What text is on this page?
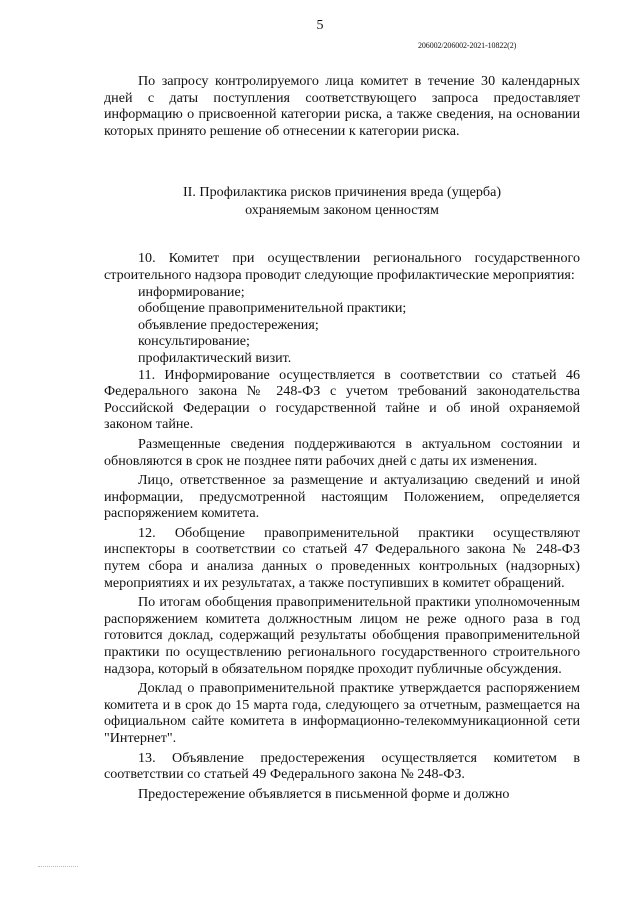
5
206002/206002-2021-10822(2)

По запросу контролируемого лица комитет в течение 30 календарных дней с даты поступления соответствующего запроса предоставляет информацию о присвоенной категории риска, а также сведения, на основании которых принято решение об отнесении к категории риска.

II. Профилактика рисков причинения вреда (ущерба)
охраняемым законом ценностям

10. Комитет при осуществлении регионального государственного строительного надзора проводит следующие профилактические мероприятия:

информирование;

обобщение правоприменительной практики;

объявление предостережения;

консультирование;

профилактический визит.

11. Информирование осуществляется в соответствии со статьей 46 Федерального закона № 248-ФЗ с учетом требований законодательства Российской Федерации о государственной тайне и об иной охраняемой законом тайне.

Размещенные сведения поддерживаются в актуальном состоянии и обновляются в срок не позднее пяти рабочих дней с даты их изменения.

Лицо, ответственное за размещение и актуализацию сведений и иной информации, предусмотренной настоящим Положением, определяется распоряжением комитета.

12. Обобщение правоприменительной практики осуществляют инспекторы в соответствии со статьей 47 Федерального закона № 248-ФЗ путем сбора и анализа данных о проведенных контрольных (надзорных) мероприятиях и их результатах, а также поступивших в комитет обращений.

По итогам обобщения правоприменительной практики уполномоченным распоряжением комитета должностным лицом не реже одного раза в год готовится доклад, содержащий результаты обобщения правоприменительной практики по осуществлению регионального государственного строительного надзора, который в обязательном порядке проходит публичные обсуждения.

Доклад о правоприменительной практике утверждается распоряжением комитета и в срок до 15 марта года, следующего за отчетным, размещается на официальном сайте комитета в информационно-телекоммуникационной сети "Интернет".

13. Объявление предостережения осуществляется комитетом в соответствии со статьей 49 Федерального закона № 248-ФЗ.

Предостережение объявляется в письменной форме и должно
